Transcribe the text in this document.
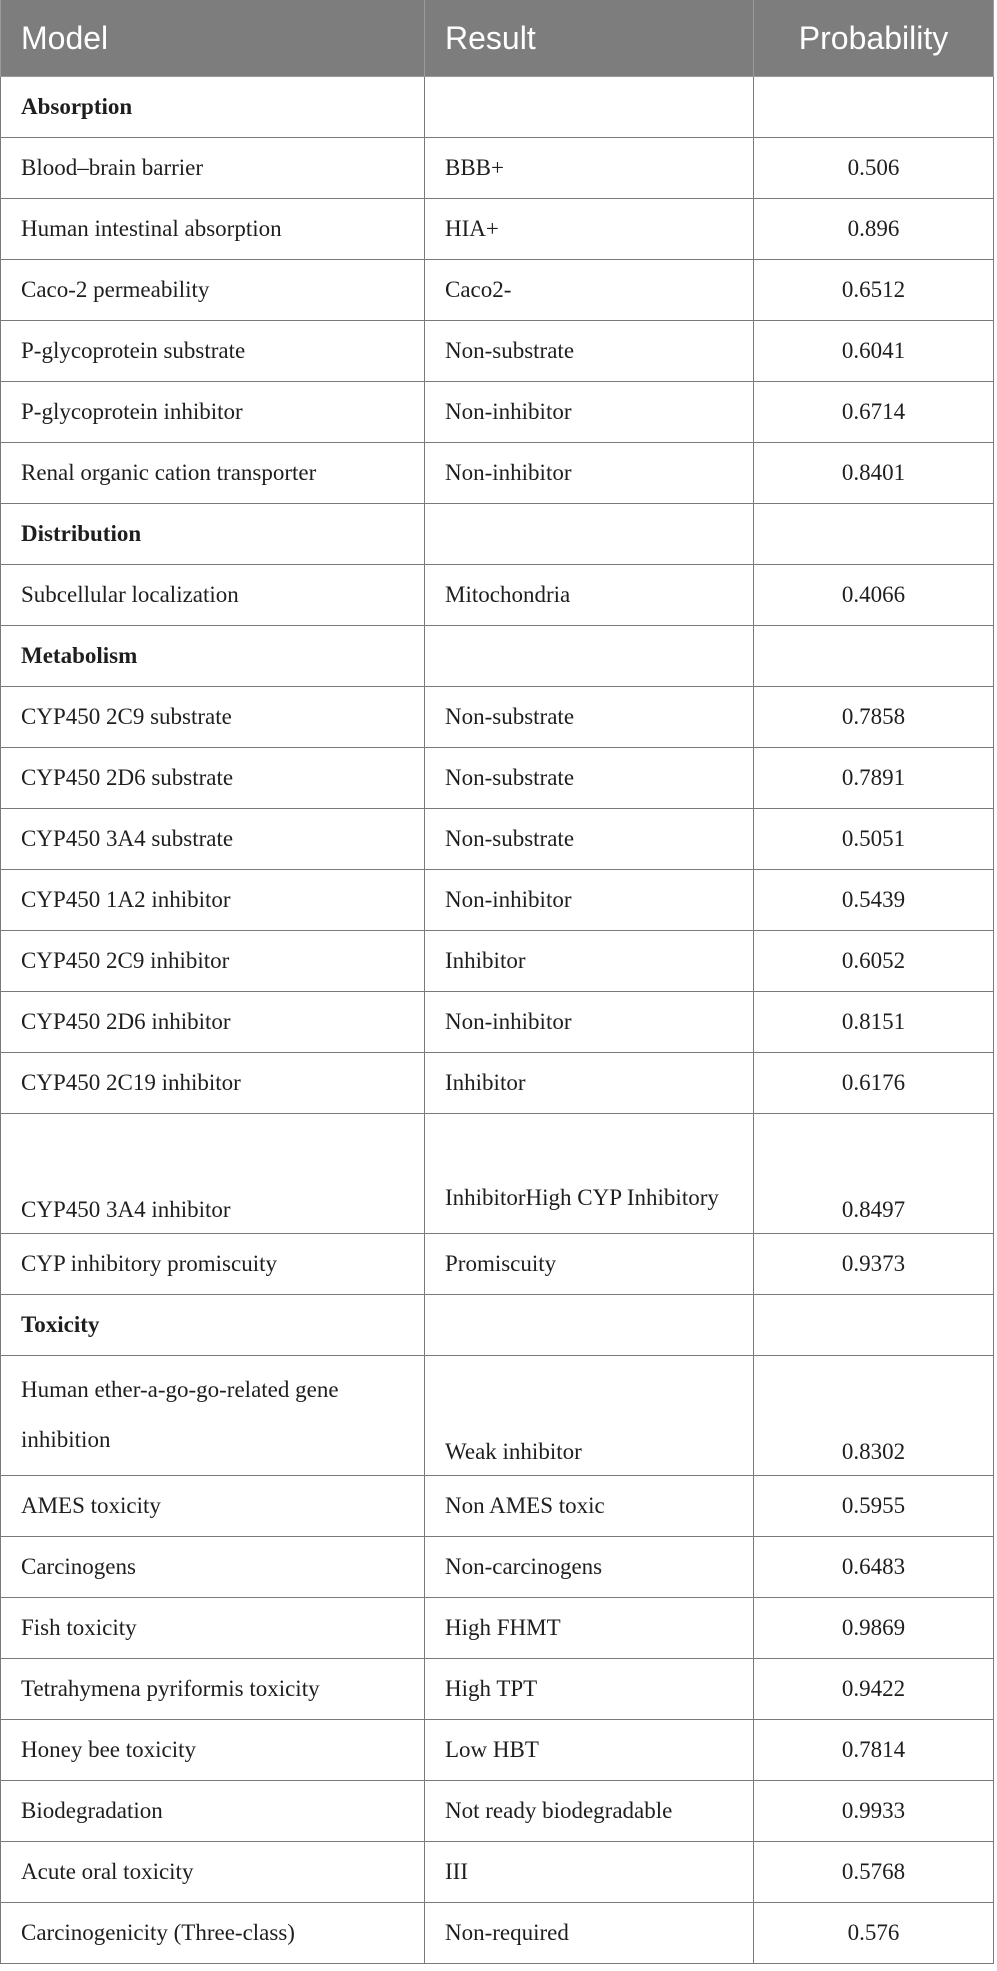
Model	Result	Probability
Absorption		
Blood–brain barrier	BBB+	0.506
Human intestinal absorption	HIA+	0.896
Caco-2 permeability	Caco2-	0.6512
P-glycoprotein substrate	Non-substrate	0.6041
P-glycoprotein inhibitor	Non-inhibitor	0.6714
Renal organic cation transporter	Non-inhibitor	0.8401
Distribution		
Subcellular localization	Mitochondria	0.4066
Metabolism		
CYP450 2C9 substrate	Non-substrate	0.7858
CYP450 2D6 substrate	Non-substrate	0.7891
CYP450 3A4 substrate	Non-substrate	0.5051
CYP450 1A2 inhibitor	Non-inhibitor	0.5439
CYP450 2C9 inhibitor	Inhibitor	0.6052
CYP450 2D6 inhibitor	Non-inhibitor	0.8151
CYP450 2C19 inhibitor	Inhibitor	0.6176
CYP450 3A4 inhibitor	InhibitorHigh CYP Inhibitory	0.8497
CYP inhibitory promiscuity	Promiscuity	0.9373
Toxicity		
Human ether-a-go-go-related gene inhibition	Weak inhibitor	0.8302
AMES toxicity	Non AMES toxic	0.5955
Carcinogens	Non-carcinogens	0.6483
Fish toxicity	High FHMT	0.9869
Tetrahymena pyriformis toxicity	High TPT	0.9422
Honey bee toxicity	Low HBT	0.7814
Biodegradation	Not ready biodegradable	0.9933
Acute oral toxicity	III	0.5768
Carcinogenicity (Three-class)	Non-required	0.576
